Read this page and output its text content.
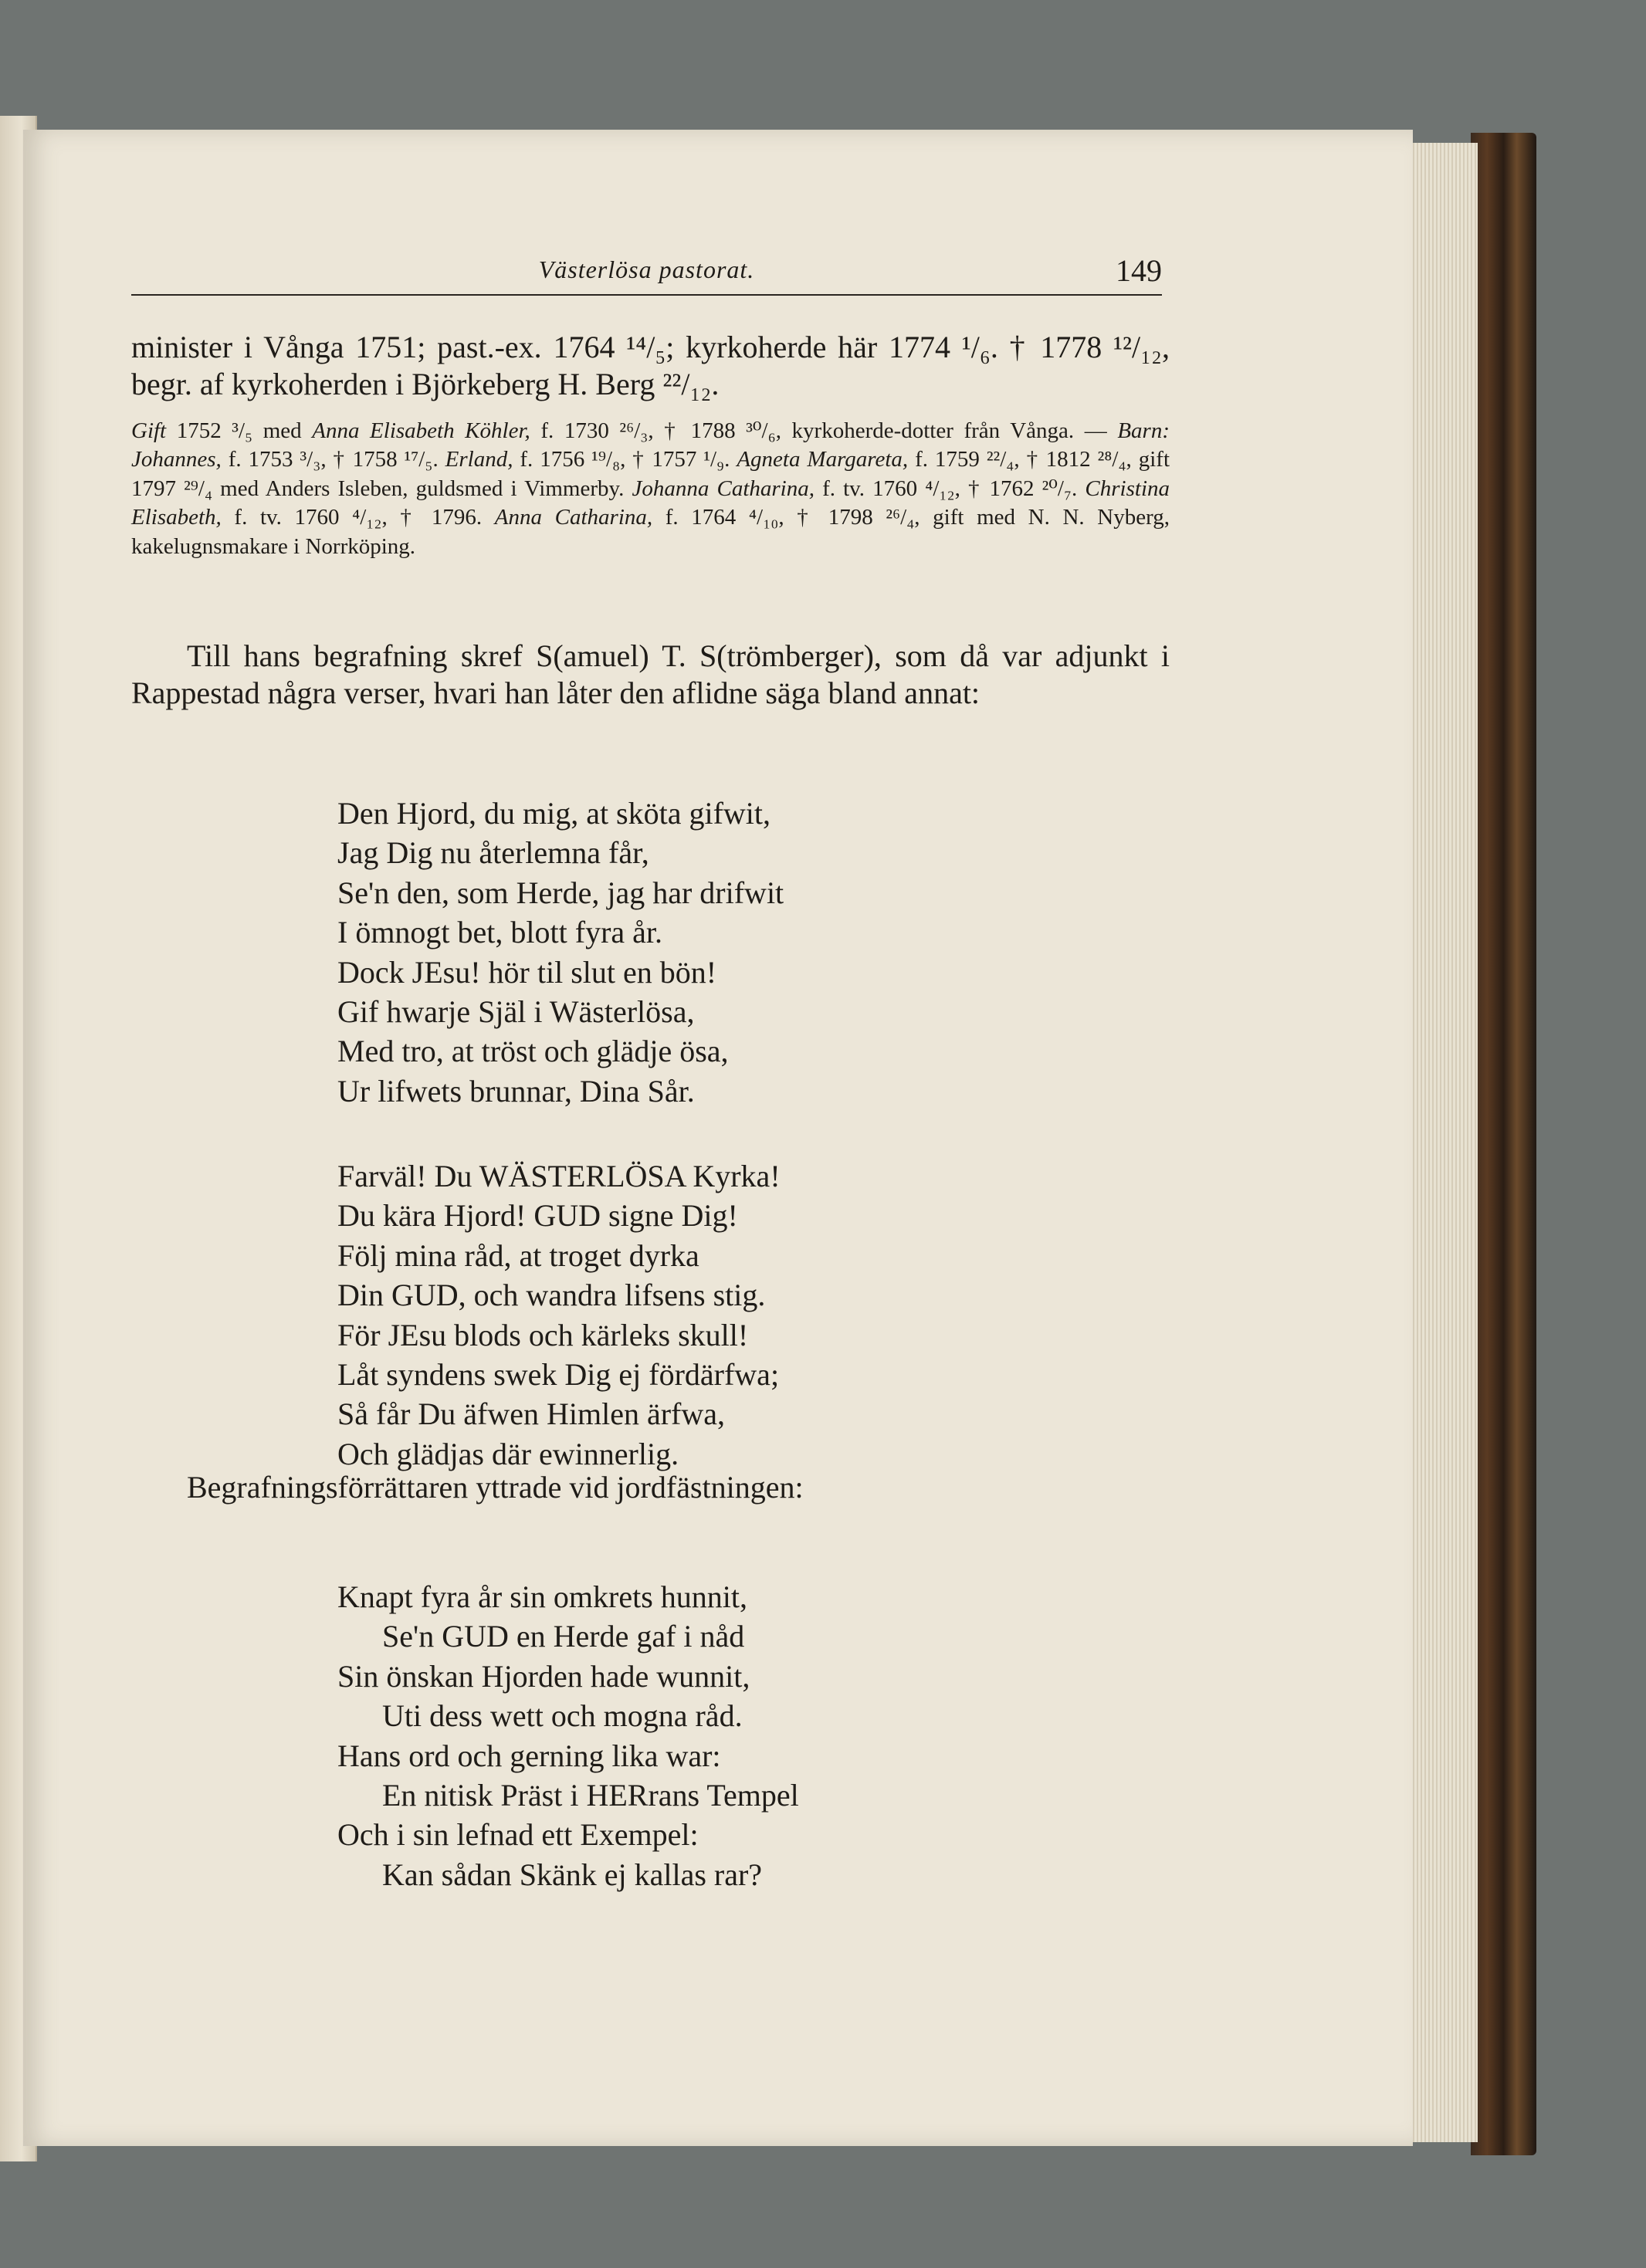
Västerlösa pastorat.	149
minister i Vånga 1751; past.-ex. 1764 ¹⁴/₅; kyrkoherde här 1774 ¹/₆. † 1778 ¹²/₁₂, begr. af kyrkoherden i Björkeberg H. Berg ²²/₁₂.
Gift 1752 ³/₅ med Anna Elisabeth Köhler, f. 1730 ²⁶/₃, † 1788 ³⁰/₆, kyrkoherde-dotter från Vånga. — Barn: Johannes, f. 1753 ³/₃, † 1758 ¹⁷/₅. Erland, f. 1756 ¹⁹/₈, † 1757 ¹/₉. Agneta Margareta, f. 1759 ²²/₄, † 1812 ²⁸/₄, gift 1797 ²⁹/₄ med Anders Isleben, guldsmed i Vimmerby. Johanna Catharina, f. tv. 1760 ⁴/₁₂, † 1762 ²⁰/₇. Christina Elisabeth, f. tv. 1760 ⁴/₁₂, † 1796. Anna Catharina, f. 1764 ⁴/₁₀, † 1798 ²⁶/₄, gift med N. N. Nyberg, kakelugnsmakare i Norrköping.
Till hans begrafning skref S(amuel) T. S(trömberger), som då var adjunkt i Rappestad några verser, hvari han låter den aflidne säga bland annat:
Den Hjord, du mig, at sköta gifwit,
Jag Dig nu återlemna får,
Se'n den, som Herde, jag har drifwit
I ömnogt bet, blott fyra år.
Dock JEsu! hör til slut en bön!
Gif hwarje Själ i Wästerlösa,
Med tro, at tröst och glädje ösa,
Ur lifwets brunnar, Dina Sår.
Farväl! Du WÄSTERLÖSA Kyrka!
Du kära Hjord! GUD signe Dig!
Följ mina råd, at troget dyrka
Din GUD, och wandra lifsens stig.
För JEsu blods och kärleks skull!
Låt syndens swek Dig ej fördärfwa;
Så får Du äfwen Himlen ärfwa,
Och glädjas där ewinnerlig.
Begrafningsförrättaren yttrade vid jordfästningen:
Knapt fyra år sin omkrets hunnit,
Se'n GUD en Herde gaf i nåd
Sin önskan Hjorden hade wunnit,
Uti dess wett och mogna råd.
Hans ord och gerning lika war:
En nitisk Präst i HERrans Tempel
Och i sin lefnad ett Exempel:
Kan sådan Skänk ej kallas rar?
